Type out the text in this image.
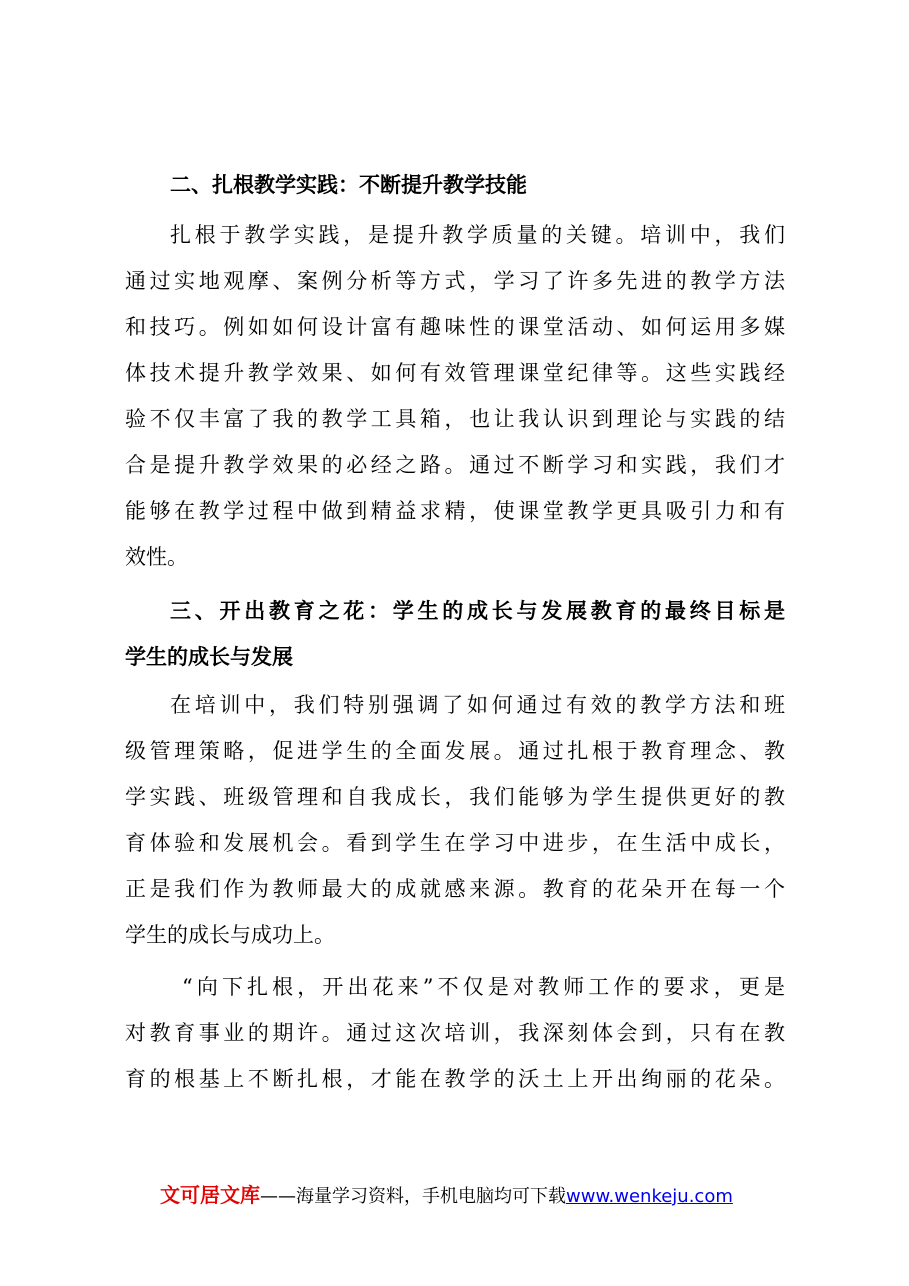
二、扎根教学实践：不断提升教学技能
扎根于教学实践，是提升教学质量的关键。培训中，我们
通过实地观摩、案例分析等方式，学习了许多先进的教学方法
和技巧。例如如何设计富有趣味性的课堂活动、如何运用多媒
体技术提升教学效果、如何有效管理课堂纪律等。这些实践经
验不仅丰富了我的教学工具箱，也让我认识到理论与实践的结
合是提升教学效果的必经之路。通过不断学习和实践，我们才
能够在教学过程中做到精益求精，使课堂教学更具吸引力和有
效性。
三、开出教育之花：学生的成长与发展教育的最终目标是
学生的成长与发展
在培训中，我们特别强调了如何通过有效的教学方法和班
级管理策略，促进学生的全面发展。通过扎根于教育理念、教
学实践、班级管理和自我成长，我们能够为学生提供更好的教
育体验和发展机会。看到学生在学习中进步，在生活中成长，
正是我们作为教师最大的成就感来源。教育的花朵开在每一个
学生的成长与成功上。
“向下扎根，开出花来”不仅是对教师工作的要求，更是
对教育事业的期许。通过这次培训，我深刻体会到，只有在教
育的根基上不断扎根，才能在教学的沃土上开出绚丽的花朵。
文可居文库——海量学习资料，手机电脑均可下载www.wenkeju.com
